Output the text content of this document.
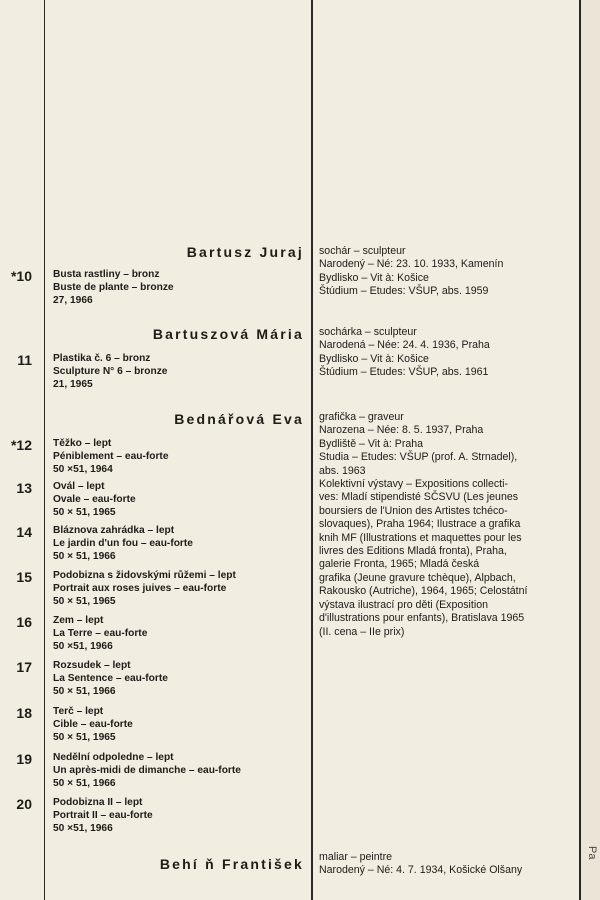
Bartusz Juraj
Bartuszová Mária
Bednářová Eva
Behí ň František
sochár – sculpteur
Narodený – Né: 23. 10. 1933, Kamenín
Bydlisko – Vit à: Košice
Štúdium – Etudes: VŠUP, abs. 1959
sochárka – sculpteur
Narodená – Née: 24. 4. 1936, Praha
Bydlisko – Vit à: Košice
Štúdium – Etudes: VŠUP, abs. 1961
grafička – graveur
Narozena – Née: 8. 5. 1937, Praha
Bydliště – Vit à: Praha
Studia – Etudes: VŠUP (prof. A. Strnadel),
abs. 1963
Kolektivní výstavy – Expositions collecti-
ves: Mladí stipendisté SČSVU (Les jeunes
boursiers de l'Union des Artistes tchéco-
slovaques), Praha 1964; Ilustrace a grafika
knih MF (Illustrations et maquettes pour les
livres des Editions Mladá fronta), Praha,
galerie Fronta, 1965; Mladá česká
grafika (Jeune gravure tchèque), Alpbach,
Rakousko (Autriche), 1964, 1965; Celostátní
výstava ilustrací pro děti (Exposition
d'illustrations pour enfants), Bratislava 1965
(II. cena – IIe prix)
maliar – peintre
Narodený – Né: 4. 7. 1934, Košické Olšany
*10 Busta rastliny – bronz
Buste de plante – bronze
27, 1966
11 Plastika č. 6 – bronz
Sculpture N° 6 – bronze
21, 1965
*12 Těžko – lept
Péniblement – eau-forte
50 ×51, 1964
13 Ovál – lept
Ovale – eau-forte
50 × 51, 1965
14 Bláznova zahrádka – lept
Le jardin d'un fou – eau-forte
50 × 51, 1966
15 Podobizna s židovskými růžemi – lept
Portrait aux roses juives – eau-forte
50 × 51, 1965
16 Zem – lept
La Terre – eau-forte
50 ×51, 1966
17 Rozsudek – lept
La Sentence – eau-forte
50 × 51, 1966
18 Terč – lept
Cible – eau-forte
50 × 51, 1965
19 Nedělní odpoledne – lept
Un après-midi de dimanche – eau-forte
50 × 51, 1966
20 Podobizna II – lept
Portrait II – eau-forte
50 ×51, 1966
Pa
